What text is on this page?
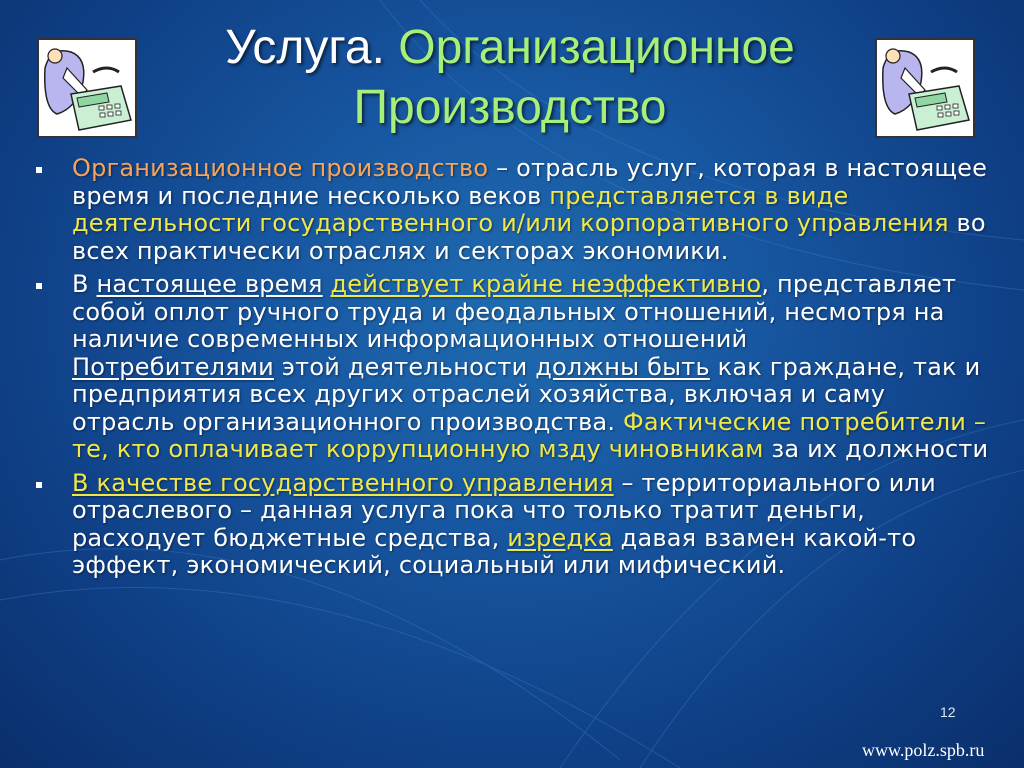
Услуга. Организационное
Производство
Организационное производство – отрасль услуг, которая в настоящее время и последние несколько веков представляется в виде деятельности государственного и/или корпоративного управления во всех практически отраслях и секторах экономики.
В настоящее время действует крайне неэффективно, представляет собой оплот ручного труда и феодальных отношений, несмотря на наличие современных информационных отношений
Потребителями этой деятельности должны быть как граждане, так и предприятия всех других отраслей хозяйства, включая и саму отрасль организационного производства. Фактические потребители – те, кто оплачивает коррупционную мзду чиновникам за их должности
В качестве государственного управления – территориального или отраслевого – данная услуга пока что только тратит деньги, расходует бюджетные средства, изредка давая взамен какой-то эффект, экономический, социальный или мифический.
12
www.polz.spb.ru
